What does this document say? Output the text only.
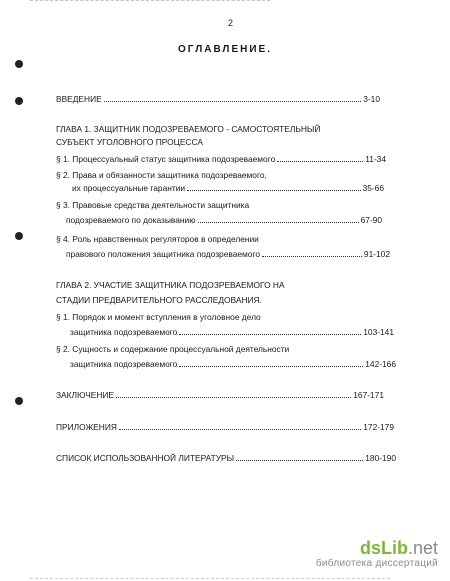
2
ОГЛАВЛЕНИЕ.
ВВЕДЕНИЕ	3-10
ГЛАВА 1. ЗАЩИТНИК ПОДОЗРЕВАЕМОГО - САМОСТОЯТЕЛЬНЫЙ
СУБЪЕКТ УГОЛОВНОГО ПРОЦЕССА
§ 1. Процессуальный статус защитника подозреваемого	11-34
§ 2. Права и обязанности защитника подозреваемого,
их процессуальные гарантии	35-66
§ 3. Правовые средства деятельности защитника
подозреваемого по доказыванию	67-90
§ 4. Роль нравственных регуляторов в определении
правового положения защитника подозреваемого	91-102
ГЛАВА 2. УЧАСТИЕ ЗАЩИТНИКА ПОДОЗРЕВАЕМОГО НА
СТАДИИ ПРЕДВАРИТЕЛЬНОГО РАССЛЕДОВАНИЯ.
§ 1. Порядок и момент вступления в уголовное дело
защитника подозреваемого	103-141
§ 2. Сущность и содержание процессуальной деятельности
защитника подозреваемого	142-166
ЗАКЛЮЧЕНИЕ	167-171
ПРИЛОЖЕНИЯ	172-179
СПИСОК ИСПОЛЬЗОВАННОЙ ЛИТЕРАТУРЫ	180-190
dsLib.net
библиотека диссертаций
